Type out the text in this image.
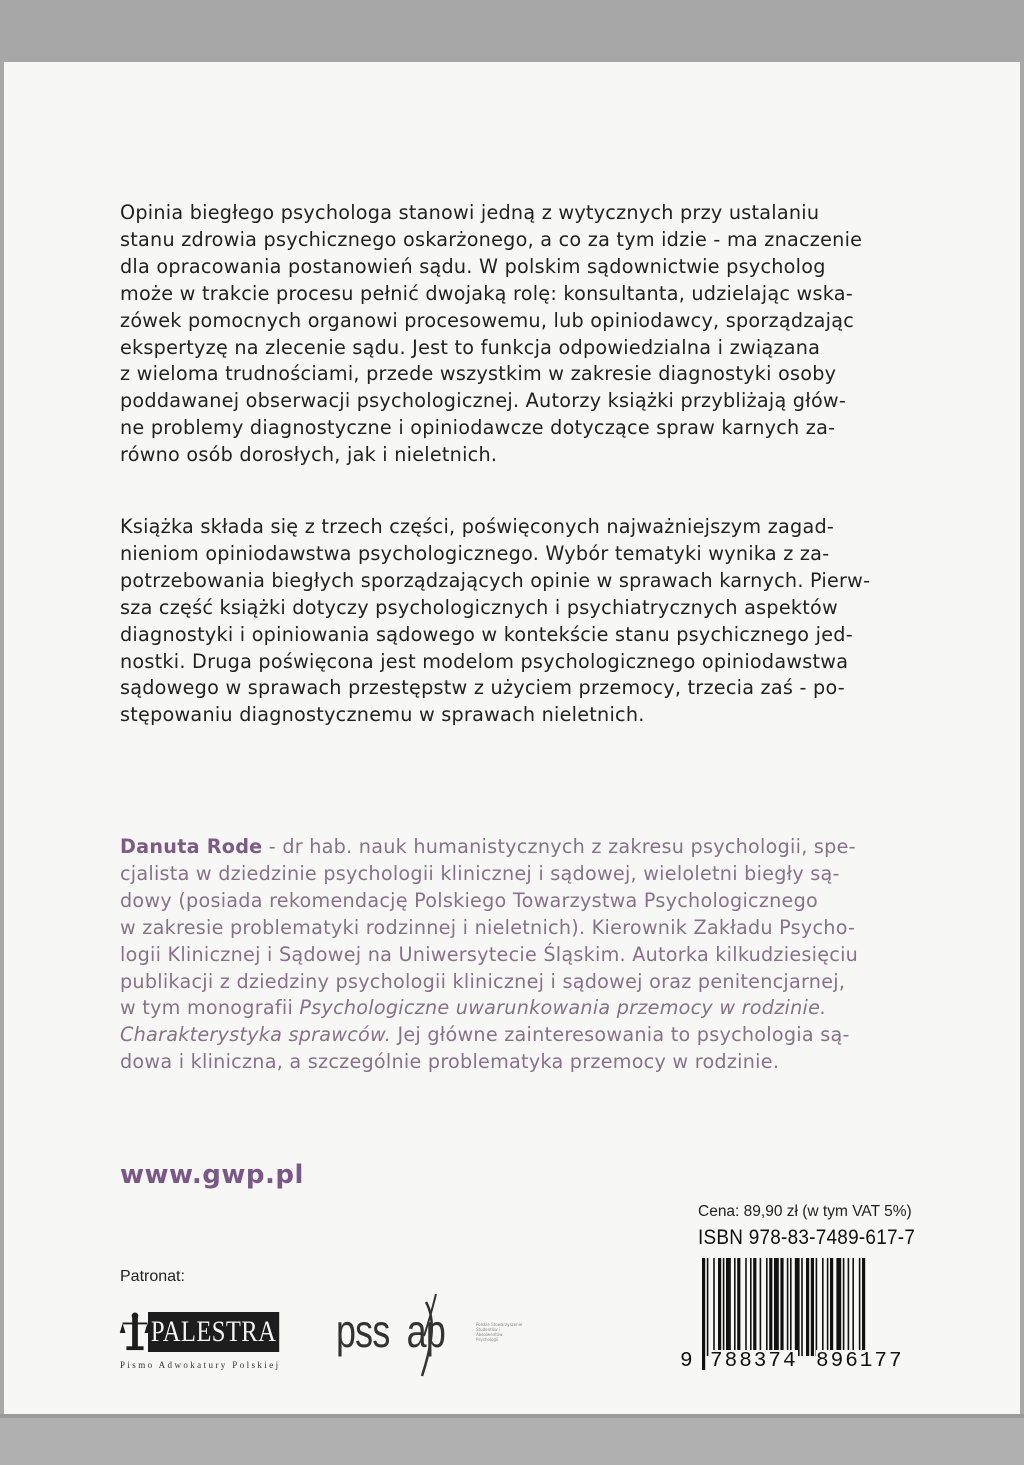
Opinia biegłego psychologa stanowi jedną z wytycznych przy ustalaniu
stanu zdrowia psychicznego oskarżonego, a co za tym idzie - ma znaczenie
dla opracowania postanowień sądu. W polskim sądownictwie psycholog
może w trakcie procesu pełnić dwojaką rolę: konsultanta, udzielając wska-
zówek pomocnych organowi procesowemu, lub opiniodawcy, sporządzając
ekspertyzę na zlecenie sądu. Jest to funkcja odpowiedzialna i związana
z wieloma trudnościami, przede wszystkim w zakresie diagnostyki osoby
poddawanej obserwacji psychologicznej. Autorzy książki przybliżają głów-
ne problemy diagnostyczne i opiniodawcze dotyczące spraw karnych za-
równo osób dorosłych, jak i nieletnich.

Książka składa się z trzech części, poświęconych najważniejszym zagad-
nieniom opiniodawstwa psychologicznego. Wybór tematyki wynika z za-
potrzebowania biegłych sporządzających opinie w sprawach karnych. Pierw-
sza część książki dotyczy psychologicznych i psychiatrycznych aspektów
diagnostyki i opiniowania sądowego w kontekście stanu psychicznego jed-
nostki. Druga poświęcona jest modelom psychologicznego opiniodawstwa
sądowego w sprawach przestępstw z użyciem przemocy, trzecia zaś - po-
stępowaniu diagnostycznemu w sprawach nieletnich.

Danuta Rode - dr hab. nauk humanistycznych z zakresu psychologii, spe-
cjalista w dziedzinie psychologii klinicznej i sądowej, wieloletni biegły są-
dowy (posiada rekomendację Polskiego Towarzystwa Psychologicznego
w zakresie problematyki rodzinnej i nieletnich). Kierownik Zakładu Psycho-
logii Klinicznej i Sądowej na Uniwersytecie Śląskim. Autorka kilkudziesięciu
publikacji z dziedziny psychologii klinicznej i sądowej oraz penitencjarnej,
w tym monografii Psychologiczne uwarunkowania przemocy w rodzinie.
Charakterystyka sprawców. Jej główne zainteresowania to psychologia są-
dowa i kliniczna, a szczególnie problematyka przemocy w rodzinie.

www.gwp.pl

Patronat:
PALESTRA
Pismo Adwokatury Polskiej
pss ap	Polskie Stowarzyszenie Studentów i Absolwentów Psychologii
Cena: 89,90 zł (w tym VAT 5%)
ISBN 978-83-7489-617-7
9 788374 896177
